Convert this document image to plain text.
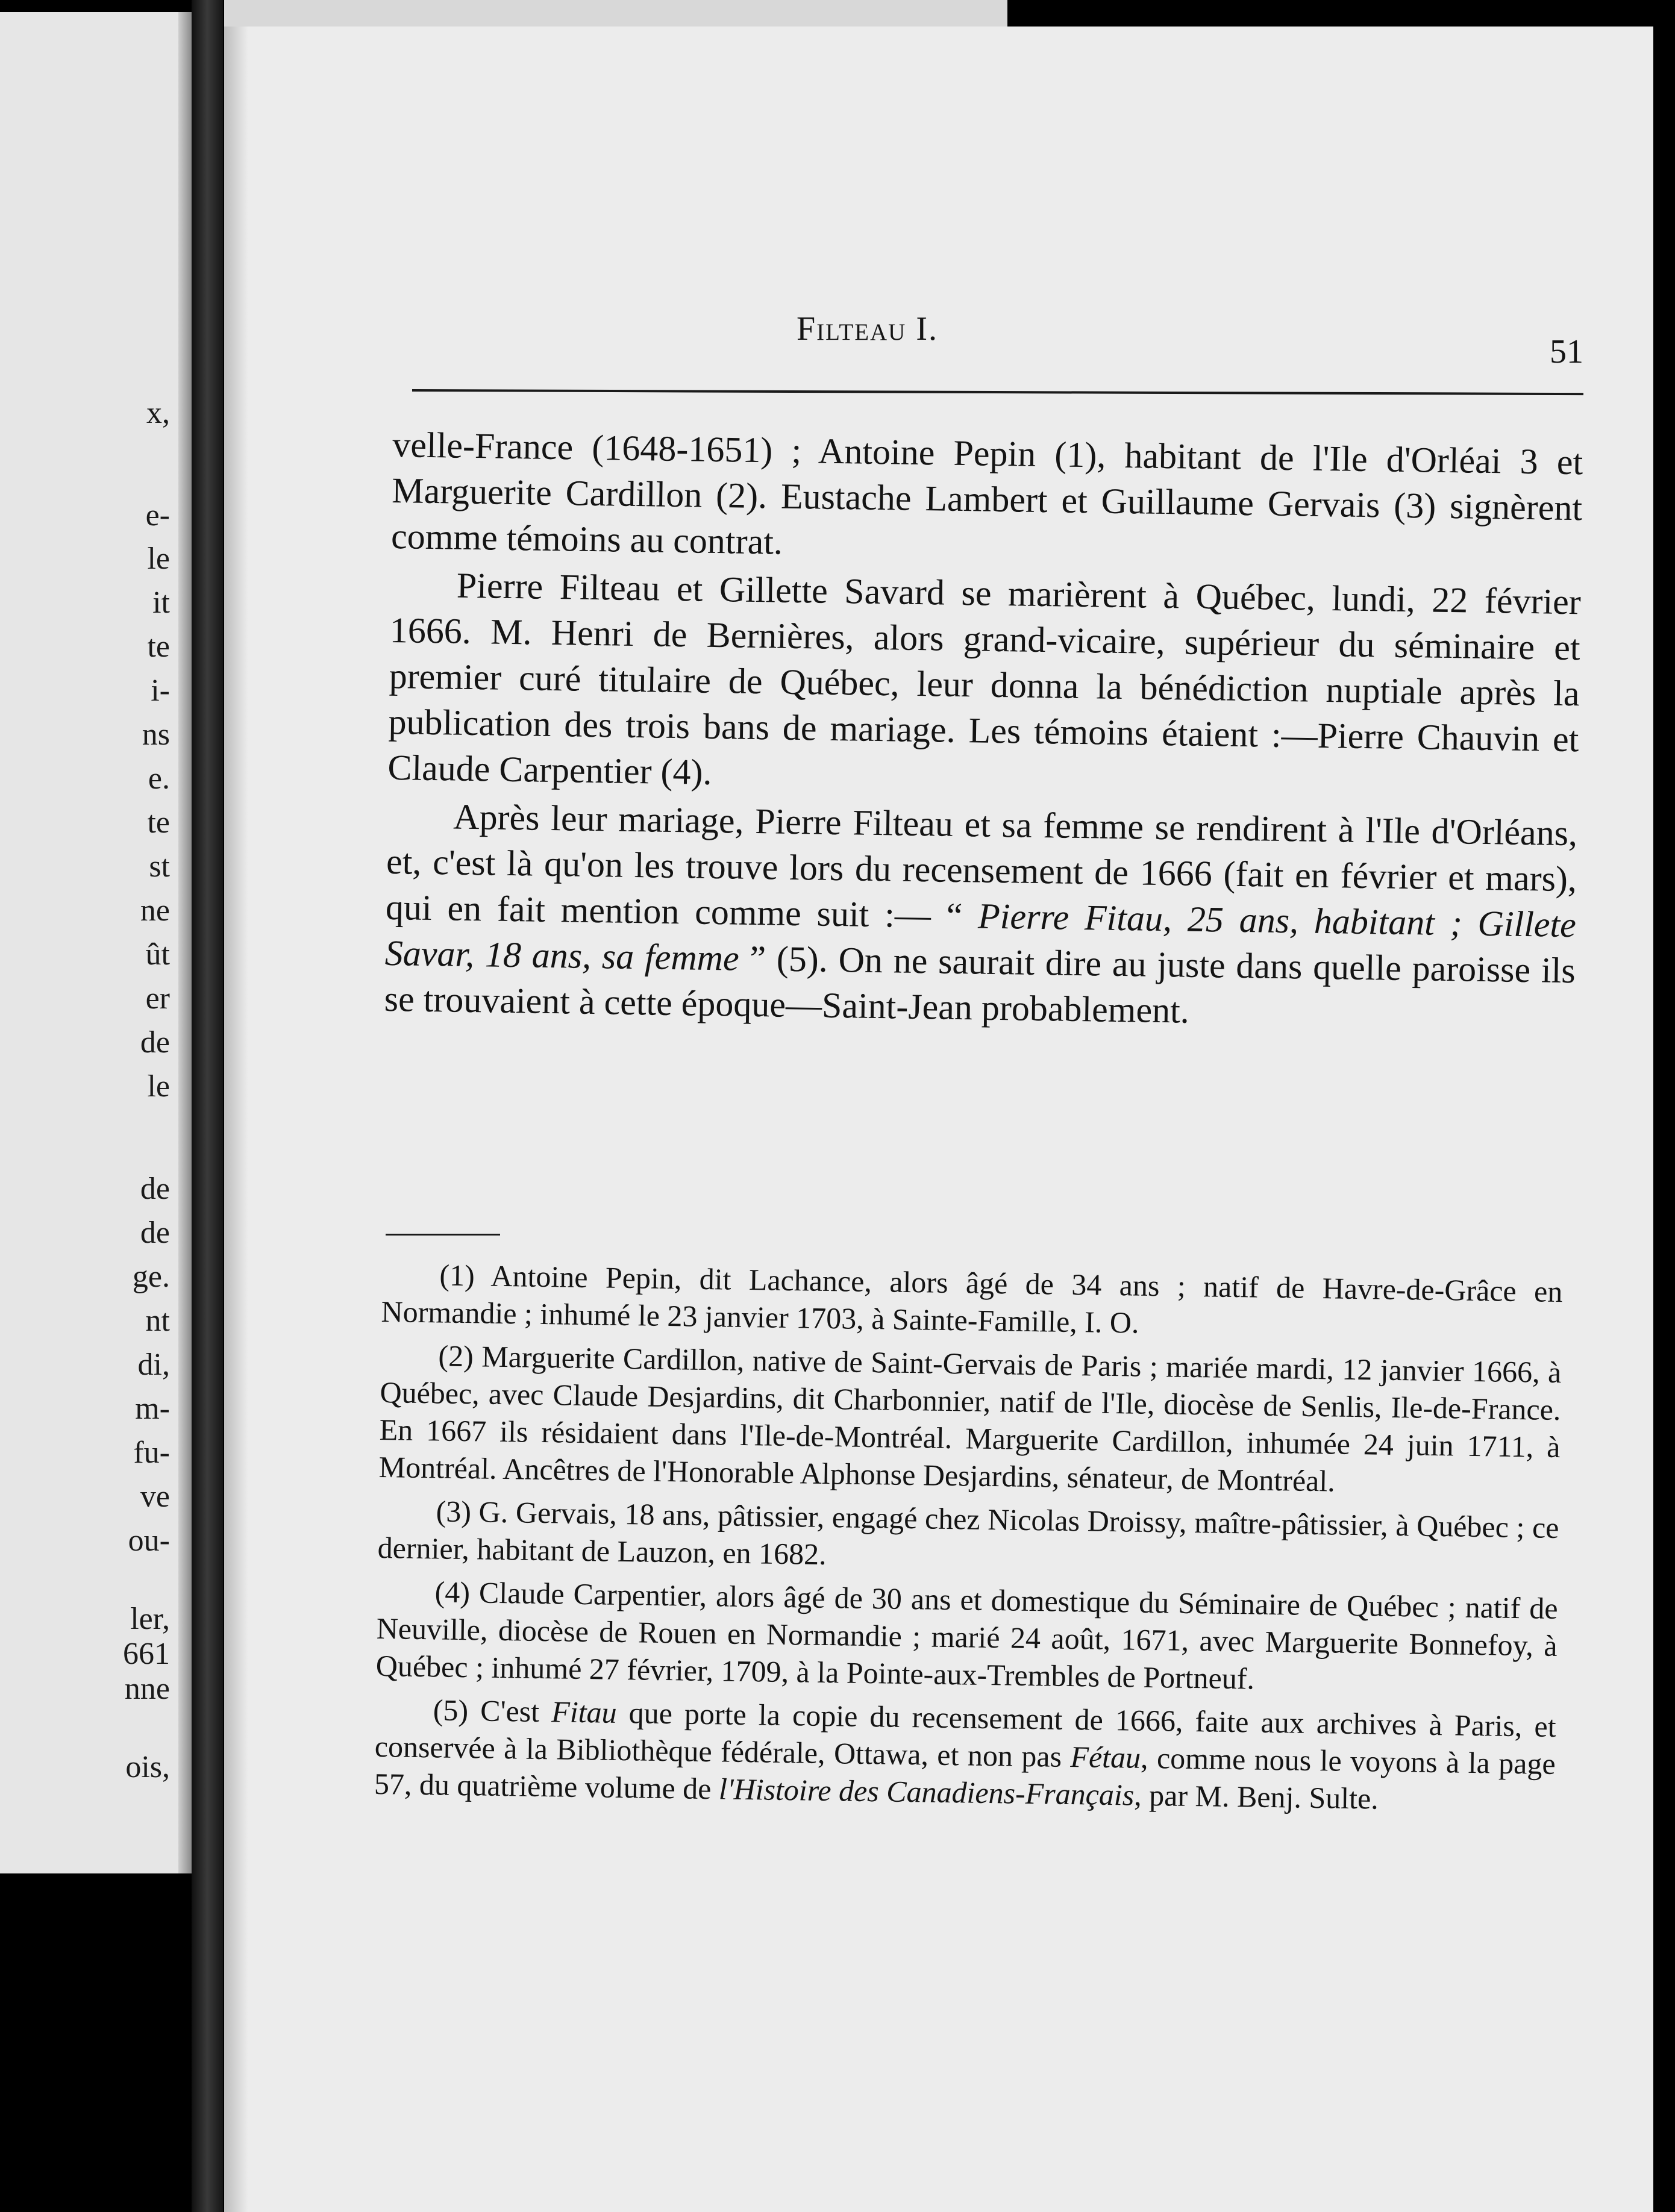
x,
e-
le
it
te
i-
ns
e.
te
st
ne
ût
er
de
le
de
de
ge.
nt
di,
m-
fu-
ve
ou-
ler,
661
nne
ois,
Filteau I.
51

velle-France (1648-1651) ; Antoine Pepin (1), habitant de l'Ile d'Orléai 3 et Marguerite Cardillon (2). Eustache Lambert et Guillaume Gervais (3) signèrent comme témoins au contrat.

Pierre Filteau et Gillette Savard se marièrent à Québec, lundi, 22 février 1666. M. Henri de Bernières, alors grand-vicaire, supérieur du séminaire et premier curé titulaire de Québec, leur donna la bénédiction nuptiale après la publication des trois bans de mariage. Les témoins étaient :—Pierre Chauvin et Claude Carpentier (4).

Après leur mariage, Pierre Filteau et sa femme se rendirent à l'Ile d'Orléans, et, c'est là qu'on les trouve lors du recensement de 1666 (fait en février et mars), qui en fait mention comme suit :— “ Pierre Fitau, 25 ans, habitant ; Gillete Savar, 18 ans, sa femme ” (5). On ne saurait dire au juste dans quelle paroisse ils se trouvaient à cette époque—Saint-Jean probablement.

(1) Antoine Pepin, dit Lachance, alors âgé de 34 ans ; natif de Havre-de-Grâce en Normandie ; inhumé le 23 janvier 1703, à Sainte-Famille, I. O.

(2) Marguerite Cardillon, native de Saint-Gervais de Paris ; mariée mardi, 12 janvier 1666, à Québec, avec Claude Desjardins, dit Charbonnier, natif de l'Ile, diocèse de Senlis, Ile-de-France. En 1667 ils résidaient dans l'Ile-de-Montréal. Marguerite Cardillon, inhumée 24 juin 1711, à Montréal. Ancêtres de l'Honorable Alphonse Desjardins, sénateur, de Montréal.

(3) G. Gervais, 18 ans, pâtissier, engagé chez Nicolas Droissy, maître-pâtissier, à Québec ; ce dernier, habitant de Lauzon, en 1682.

(4) Claude Carpentier, alors âgé de 30 ans et domestique du Séminaire de Québec ; natif de Neuville, diocèse de Rouen en Normandie ; marié 24 août, 1671, avec Marguerite Bonnefoy, à Québec ; inhumé 27 février, 1709, à la Pointe-aux-Trembles de Portneuf.

(5) C'est Fitau que porte la copie du recensement de 1666, faite aux archives à Paris, et conservée à la Bibliothèque fédérale, Ottawa, et non pas Fétau, comme nous le voyons à la page 57, du quatrième volume de l'Histoire des Canadiens-Français, par M. Benj. Sulte.
